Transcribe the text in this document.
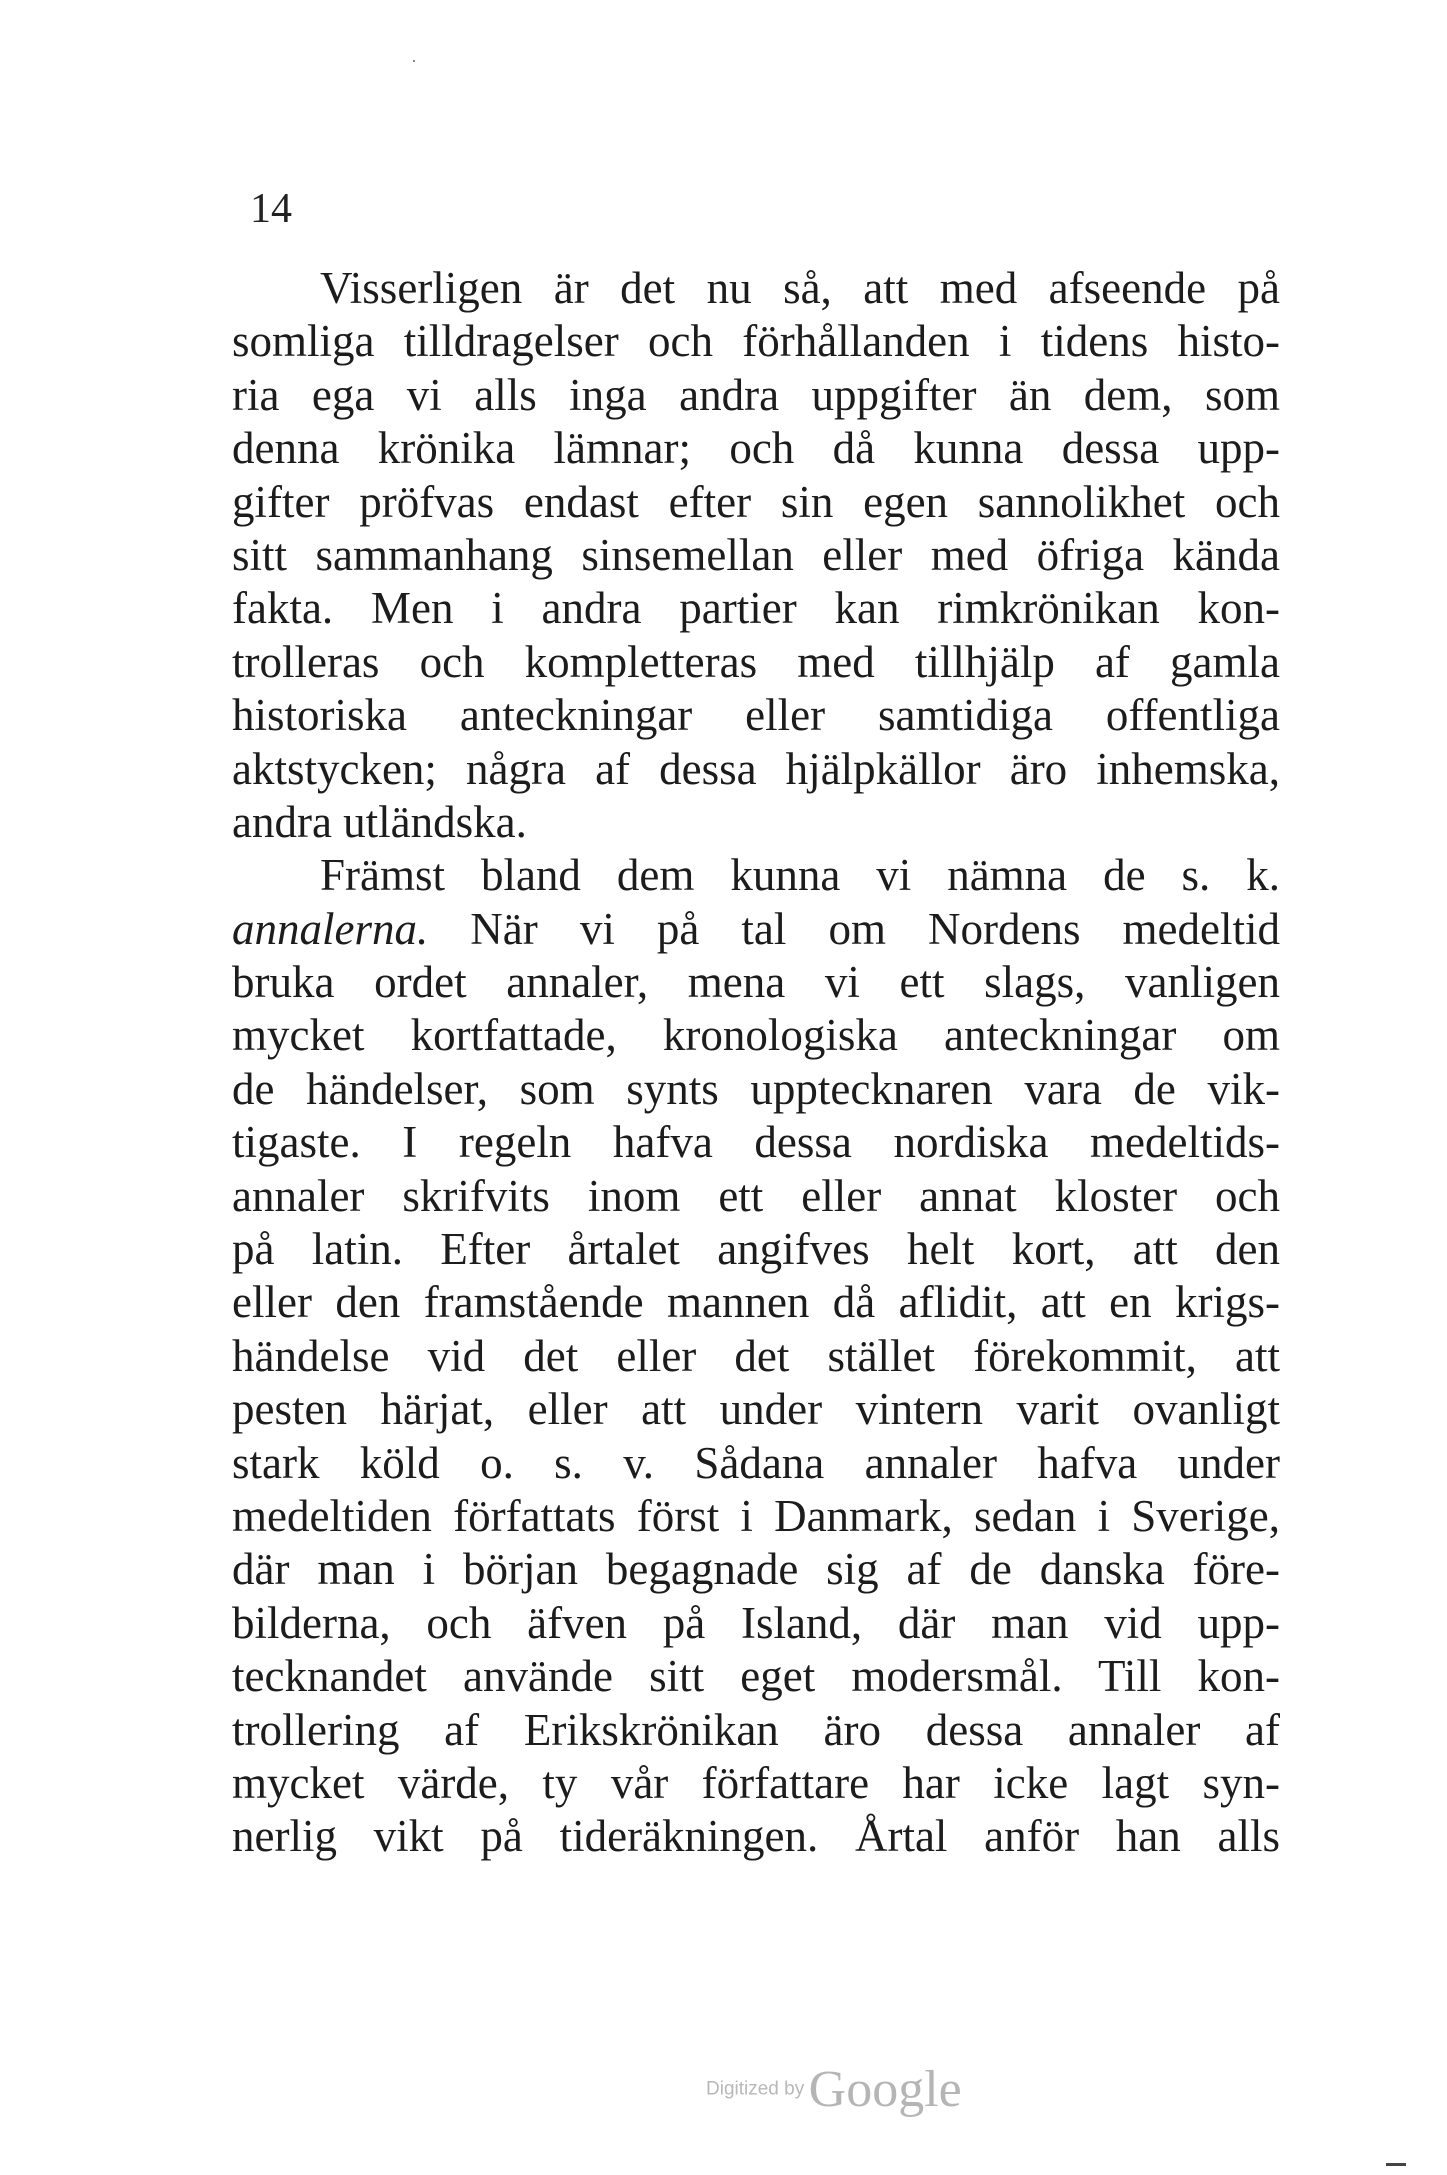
14
Visserligen är det nu så, att med afseende på
somliga tilldragelser och förhållanden i tidens histo-
ria ega vi alls inga andra uppgifter än dem, som
denna krönika lämnar; och då kunna dessa upp-
gifter pröfvas endast efter sin egen sannolikhet och
sitt sammanhang sinsemellan eller med öfriga kända
fakta. Men i andra partier kan rimkrönikan kon-
trolleras och kompletteras med tillhjälp af gamla
historiska anteckningar eller samtidiga offentliga
aktstycken; några af dessa hjälpkällor äro inhemska,
andra utländska.
Främst bland dem kunna vi nämna de s. k.
annalerna. När vi på tal om Nordens medeltid
bruka ordet annaler, mena vi ett slags, vanligen
mycket kortfattade, kronologiska anteckningar om
de händelser, som synts upptecknaren vara de vik-
tigaste. I regeln hafva dessa nordiska medeltids-
annaler skrifvits inom ett eller annat kloster och
på latin. Efter årtalet angifves helt kort, att den
eller den framstående mannen då aflidit, att en krigs-
händelse vid det eller det stället förekommit, att
pesten härjat, eller att under vintern varit ovanligt
stark köld o. s. v. Sådana annaler hafva under
medeltiden författats först i Danmark, sedan i Sverige,
där man i början begagnade sig af de danska före-
bilderna, och äfven på Island, där man vid upp-
tecknandet använde sitt eget modersmål. Till kon-
trollering af Erikskrönikan äro dessa annaler af
mycket värde, ty vår författare har icke lagt syn-
nerlig vikt på tideräkningen. Årtal anför han alls
Digitized by Google
